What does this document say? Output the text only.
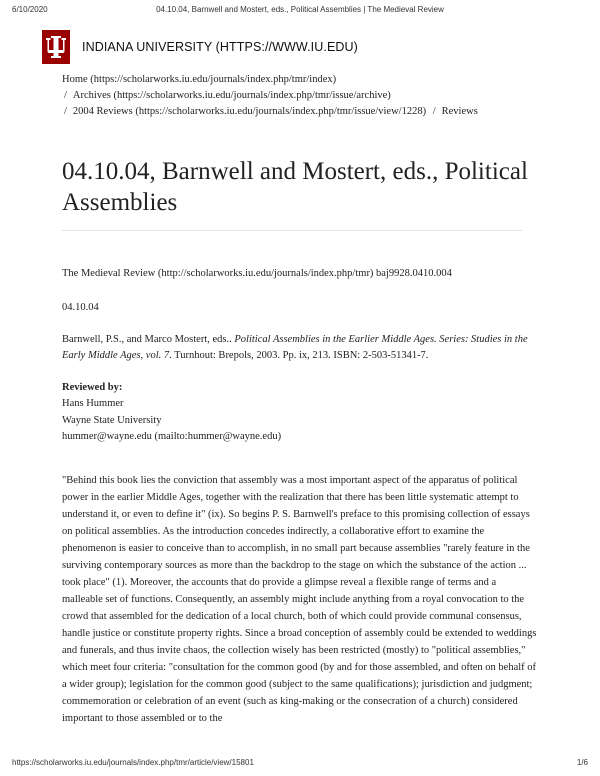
6/10/2020	04.10.04, Barnwell and Mostert, eds., Political Assemblies | The Medieval Review
INDIANA UNIVERSITY (HTTPS://WWW.IU.EDU)
Home (https://scholarworks.iu.edu/journals/index.php/tmr/index)
/ Archives (https://scholarworks.iu.edu/journals/index.php/tmr/issue/archive)
/ 2004 Reviews (https://scholarworks.iu.edu/journals/index.php/tmr/issue/view/1228) / Reviews
04.10.04, Barnwell and Mostert, eds., Political Assemblies

The Medieval Review (http://scholarworks.iu.edu/journals/index.php/tmr) baj9928.0410.004

04.10.04

Barnwell, P.S., and Marco Mostert, eds.. Political Assemblies in the Earlier Middle Ages. Series: Studies in the Early Middle Ages, vol. 7. Turnhout: Brepols, 2003. Pp. ix, 213. ISBN: 2-503-51341-7.

Reviewed by:
Hans Hummer
Wayne State University
hummer@wayne.edu (mailto:hummer@wayne.edu)

"Behind this book lies the conviction that assembly was a most important aspect of the apparatus of political power in the earlier Middle Ages, together with the realization that there has been little systematic attempt to understand it, or even to define it" (ix). So begins P. S. Barnwell's preface to this promising collection of essays on political assemblies. As the introduction concedes indirectly, a collaborative effort to examine the phenomenon is easier to conceive than to accomplish, in no small part because assemblies "rarely feature in the surviving contemporary sources as more than the backdrop to the stage on which the substance of the action ... took place" (1). Moreover, the accounts that do provide a glimpse reveal a flexible range of terms and a malleable set of functions. Consequently, an assembly might include anything from a royal convocation to the crowd that assembled for the dedication of a local church, both of which could provide communal consensus, handle justice or constitute property rights. Since a broad conception of assembly could be extended to weddings and funerals, and thus invite chaos, the collection wisely has been restricted (mostly) to "political assemblies," which meet four criteria: "consultation for the common good (by and for those assembled, and often on behalf of a wider group); legislation for the common good (subject to the same qualifications); jurisdiction and judgment; commemoration or celebration of an event (such as king-making or the consecration of a church) considered important to those assembled or to the

https://scholarworks.iu.edu/journals/index.php/tmr/article/view/15801	1/6
